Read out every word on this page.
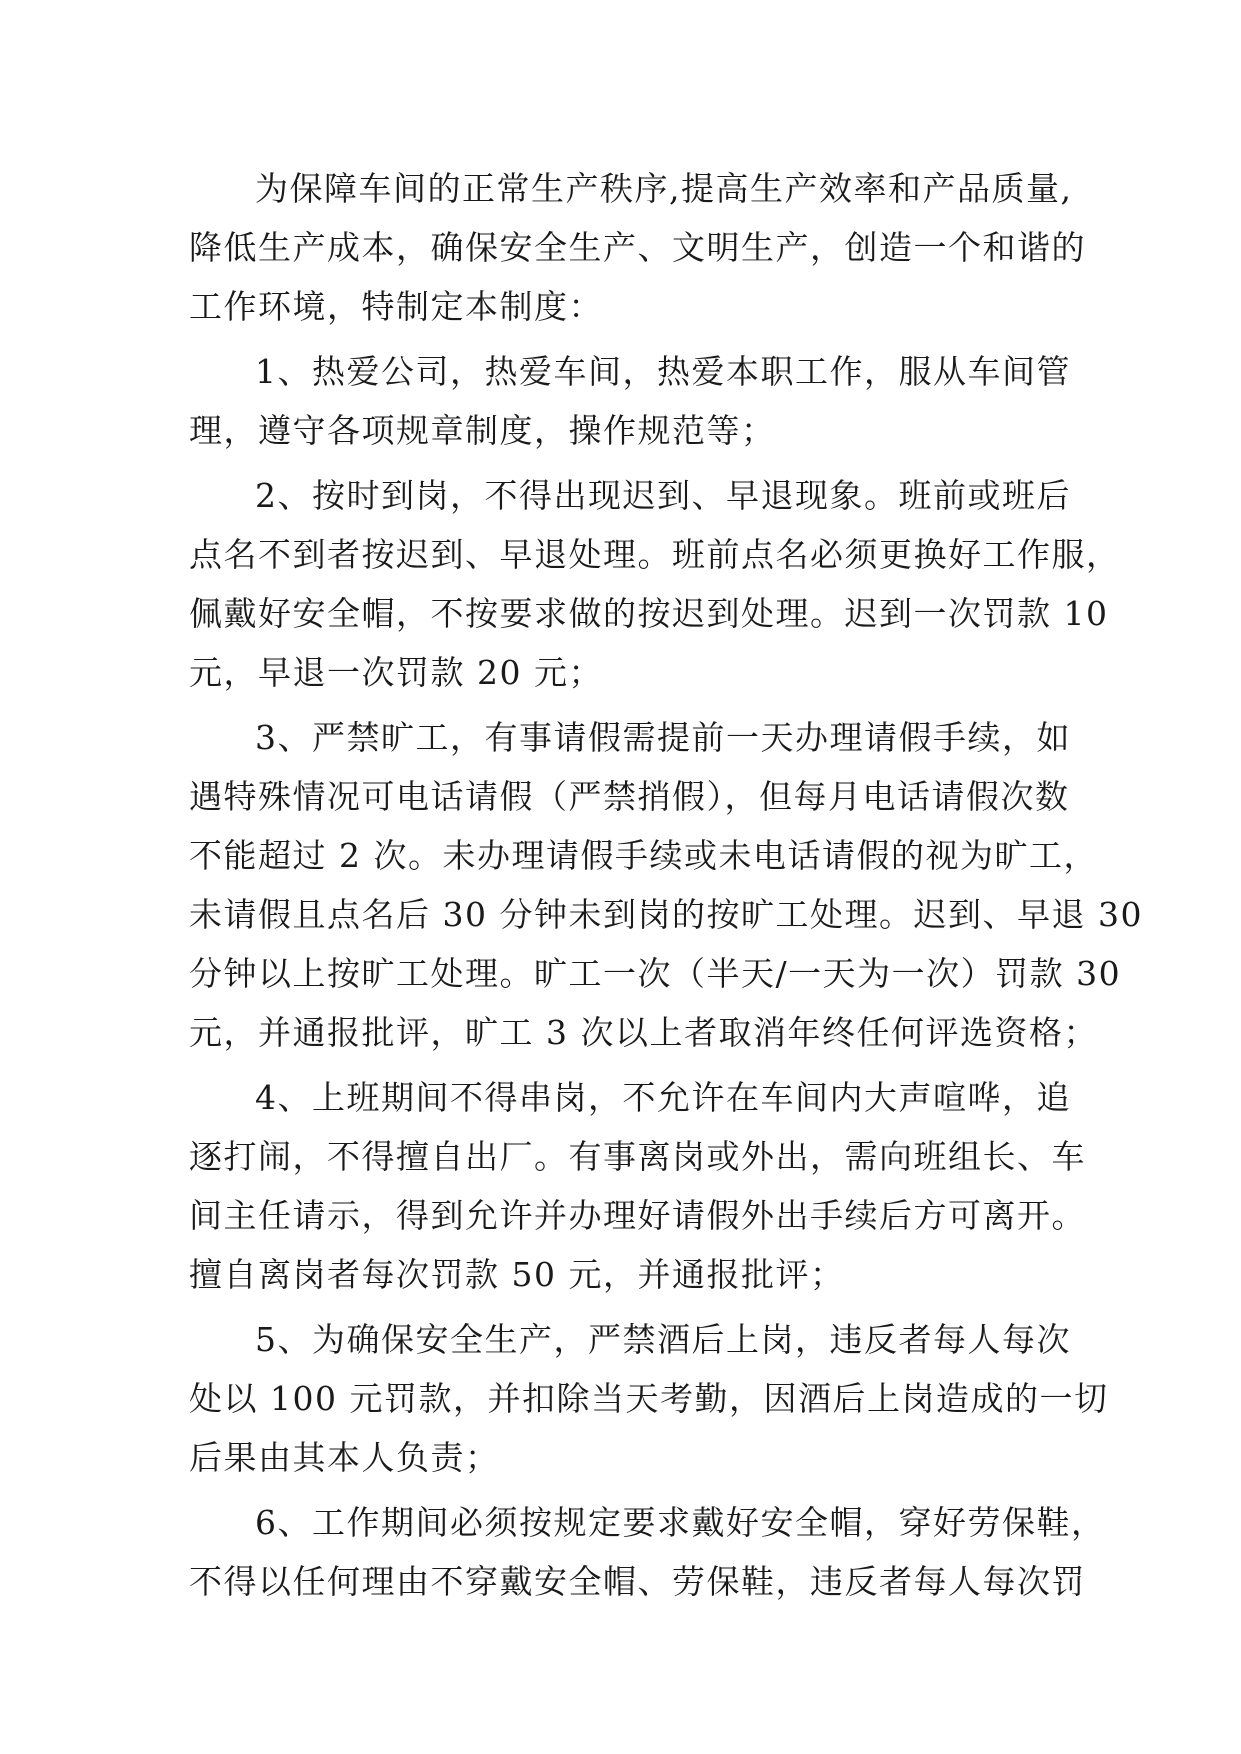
为保障车间的正常生产秩序,提高生产效率和产品质量,
降低生产成本，确保安全生产、文明生产，创造一个和谐的
工作环境，特制定本制度：
1、热爱公司，热爱车间，热爱本职工作，服从车间管
理，遵守各项规章制度，操作规范等；
2、按时到岗，不得出现迟到、早退现象。班前或班后
点名不到者按迟到、早退处理。班前点名必须更换好工作服，
佩戴好安全帽，不按要求做的按迟到处理。迟到一次罚款 10
元，早退一次罚款 20 元；
3、严禁旷工，有事请假需提前一天办理请假手续，如
遇特殊情况可电话请假（严禁捎假），但每月电话请假次数
不能超过 2 次。未办理请假手续或未电话请假的视为旷工，
未请假且点名后 30 分钟未到岗的按旷工处理。迟到、早退 30
分钟以上按旷工处理。旷工一次（半天/一天为一次）罚款 30
元，并通报批评，旷工 3 次以上者取消年终任何评选资格；
4、上班期间不得串岗，不允许在车间内大声喧哗，追
逐打闹，不得擅自出厂。有事离岗或外出，需向班组长、车
间主任请示，得到允许并办理好请假外出手续后方可离开。
擅自离岗者每次罚款 50 元，并通报批评；
5、为确保安全生产，严禁酒后上岗，违反者每人每次
处以 100 元罚款，并扣除当天考勤，因酒后上岗造成的一切
后果由其本人负责；
6、工作期间必须按规定要求戴好安全帽，穿好劳保鞋，
不得以任何理由不穿戴安全帽、劳保鞋，违反者每人每次罚
